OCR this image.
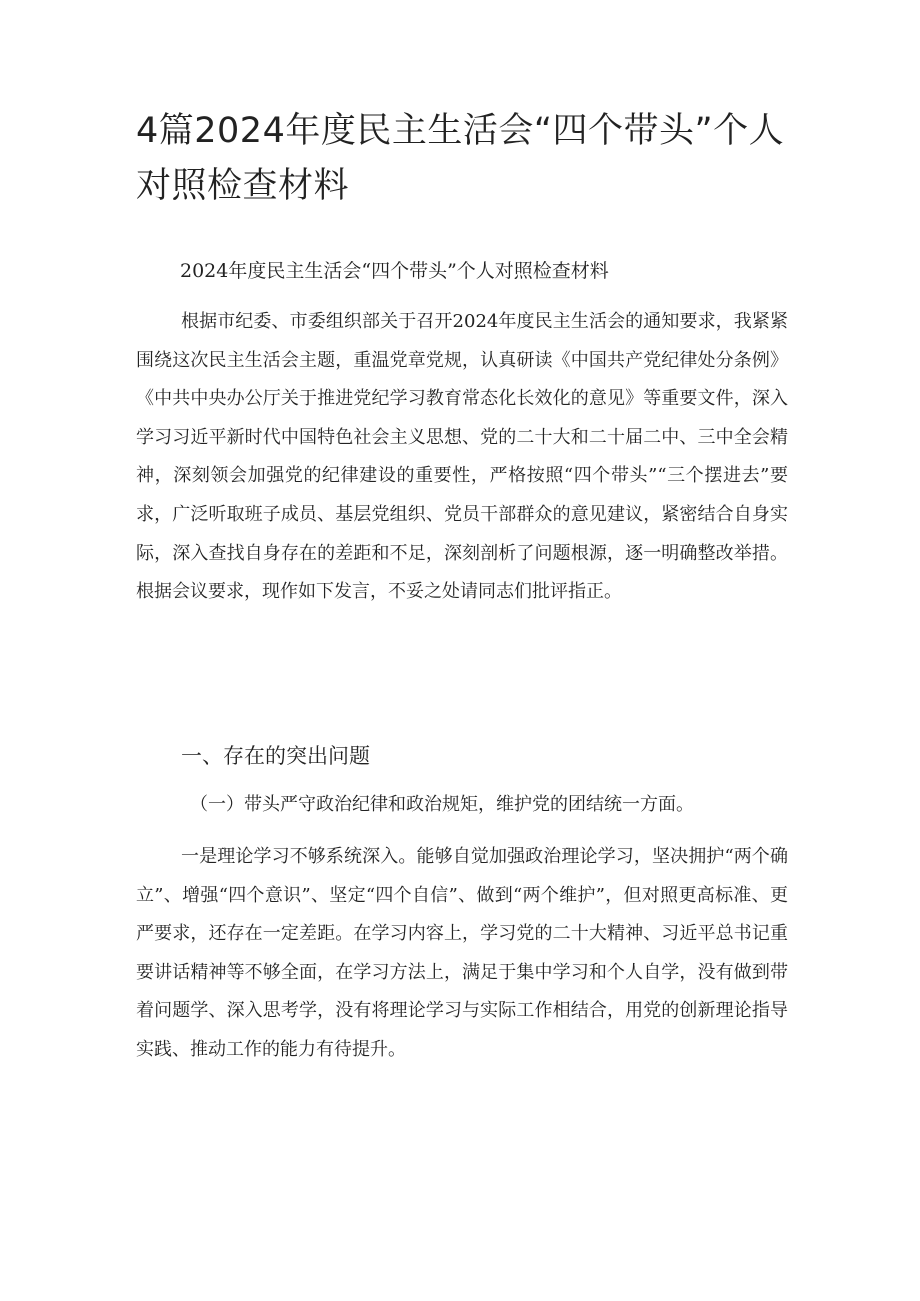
4篇2024年度民主生活会“四个带头”个人对照检查材料
2024年度民主生活会“四个带头”个人对照检查材料

根据市纪委、市委组织部关于召开2024年度民主生活会的通知要求，我紧紧围绕这次民主生活会主题，重温党章党规，认真研读《中国共产党纪律处分条例》《中共中央办公厅关于推进党纪学习教育常态化长效化的意见》等重要文件，深入学习习近平新时代中国特色社会主义思想、党的二十大和二十届二中、三中全会精神，深刻领会加强党的纪律建设的重要性，严格按照“四个带头”“三个摆进去”要求，广泛听取班子成员、基层党组织、党员干部群众的意见建议，紧密结合自身实际，深入查找自身存在的差距和不足，深刻剖析了问题根源，逐一明确整改举措。根据会议要求，现作如下发言，不妥之处请同志们批评指正。

一、存在的突出问题
（一）带头严守政治纪律和政治规矩，维护党的团结统一方面。

一是理论学习不够系统深入。能够自觉加强政治理论学习，坚决拥护“两个确立”、增强“四个意识”、坚定“四个自信”、做到“两个维护”，但对照更高标准、更严要求，还存在一定差距。在学习内容上，学习党的二十大精神、习近平总书记重要讲话精神等不够全面，在学习方法上，满足于集中学习和个人自学，没有做到带着问题学、深入思考学，没有将理论学习与实际工作相结合，用党的创新理论指导实践、推动工作的能力有待提升。
